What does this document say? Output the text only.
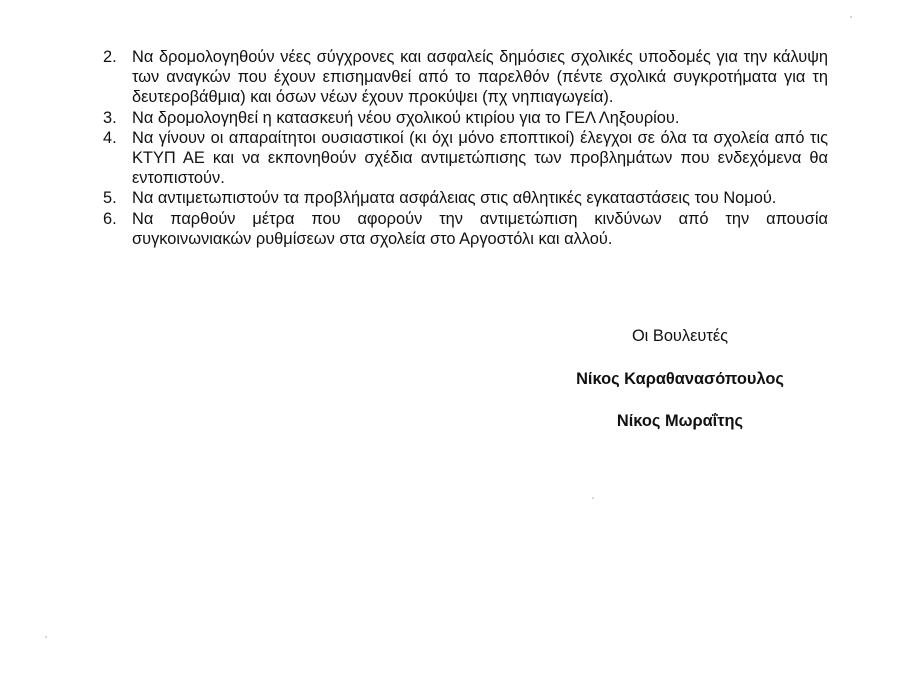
2. Να δρομολογηθούν νέες σύγχρονες και ασφαλείς δημόσιες σχολικές υποδομές για την κάλυψη των αναγκών που έχουν επισημανθεί από το παρελθόν (πέντε σχολικά συγκροτήματα για τη δευτεροβάθμια) και όσων νέων έχουν προκύψει (πχ νηπιαγωγεία).
3. Να δρομολογηθεί η κατασκευή νέου σχολικού κτιρίου για το ΓΕΛ Ληξουρίου.
4. Να γίνουν οι απαραίτητοι ουσιαστικοί (κι όχι μόνο εποπτικοί) έλεγχοι σε όλα τα σχολεία από τις ΚΤΥΠ ΑΕ και να εκπονηθούν σχέδια αντιμετώπισης των προβλημάτων που ενδεχόμενα θα εντοπιστούν.
5. Να αντιμετωπιστούν τα προβλήματα ασφάλειας στις αθλητικές εγκαταστάσεις του Νομού.
6. Να παρθούν μέτρα που αφορούν την αντιμετώπιση κινδύνων από την απουσία συγκοινωνιακών ρυθμίσεων στα σχολεία στο Αργοστόλι και αλλού.
Οι Βουλευτές
Νίκος Καραθανασόπουλος
Νίκος Μωραΐτης
